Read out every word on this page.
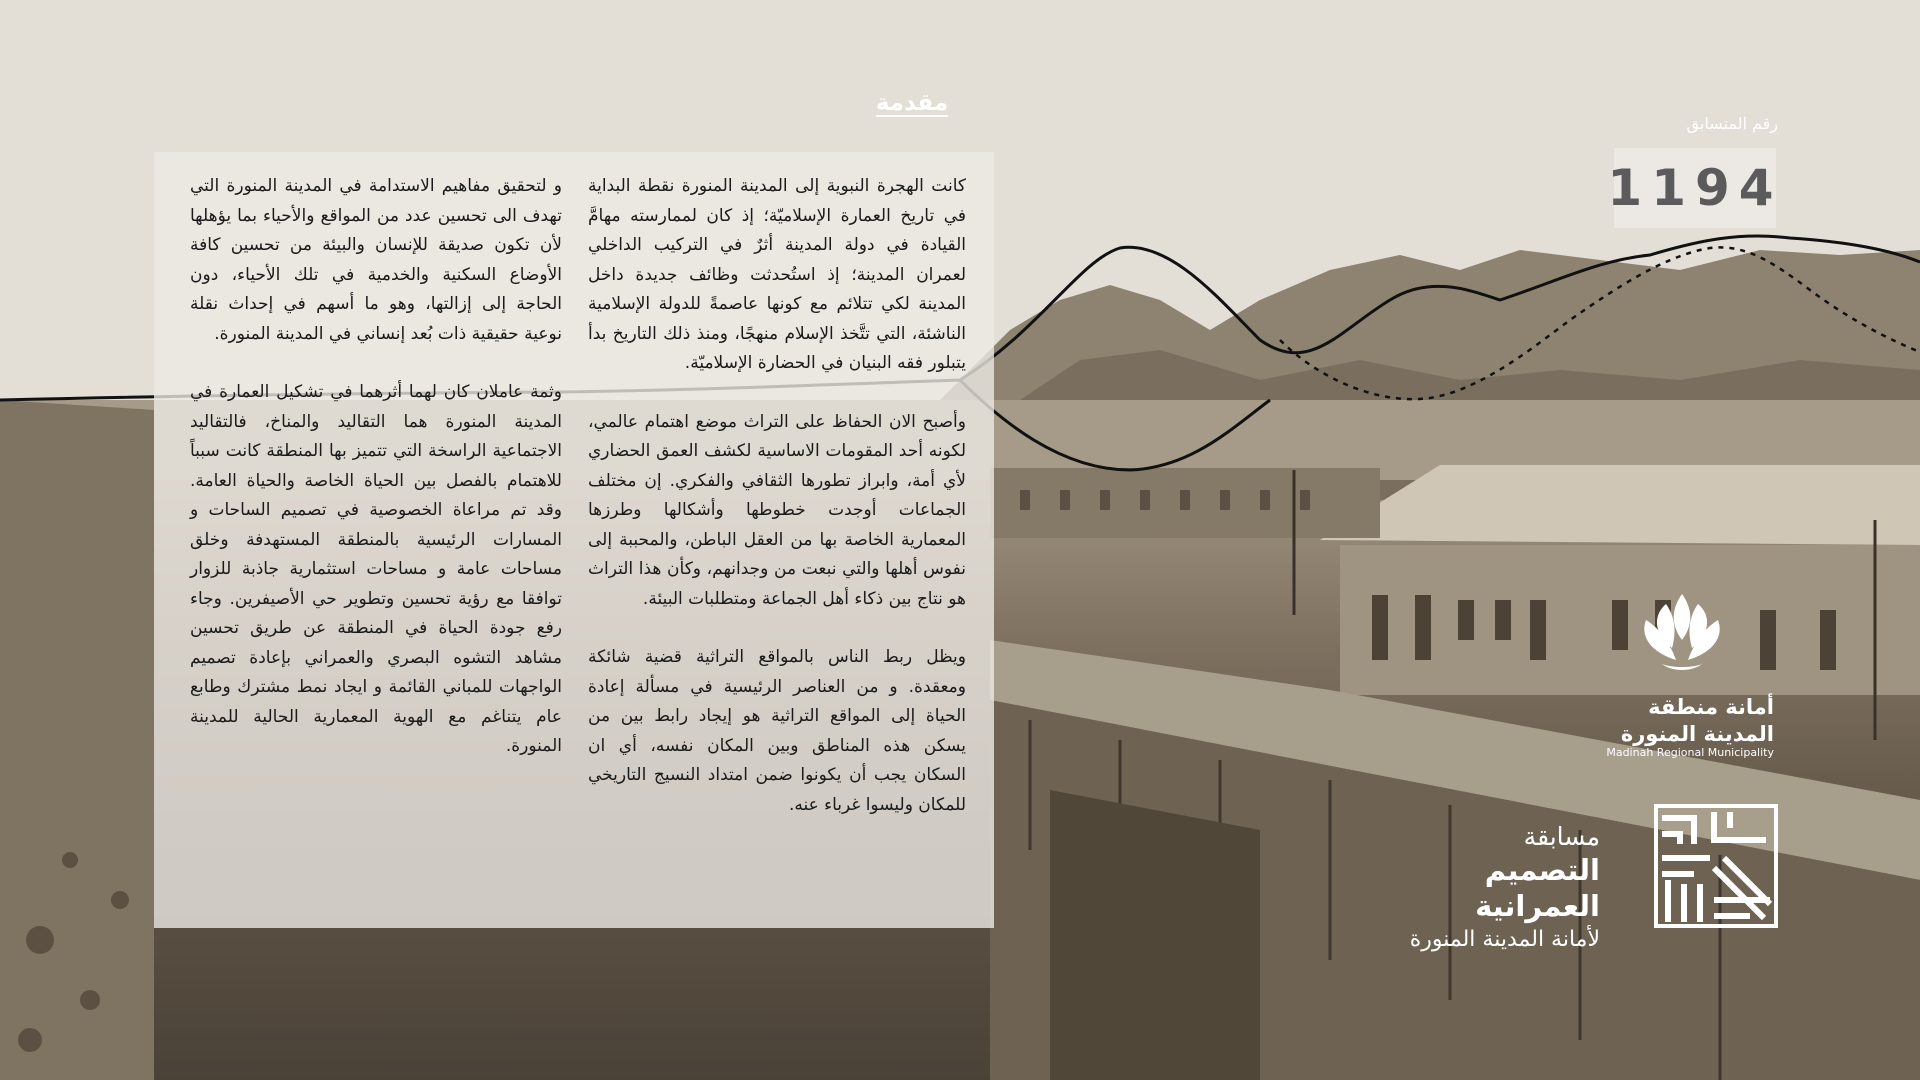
مقدمة

كانت الهجرة النبوية إلى المدينة المنورة نقطة البداية في تاريخ العمارة الإسلاميّة؛ إذ كان لممارسته مهامَّ القيادة في دولة المدينة أثرٌ في التركيب الداخلي لعمران المدينة؛ إذ استُحدثت وظائف جديدة داخل المدينة لكي تتلائم مع كونها عاصمةً للدولة الإسلامية الناشئة، التي تتَّخذ الإسلام منهجًا، ومنذ ذلك التاريخ بدأ يتبلور فقه البنيان في الحضارة الإسلاميّة.

وأصبح الان الحفاظ على التراث موضع اهتمام عالمي، لكونه أحد المقومات الاساسية لكشف العمق الحضاري لأي أمة، وابراز تطورها الثقافي والفكري. إن مختلف الجماعات أوجدت خطوطها وأشكالها وطرزها المعمارية الخاصة بها من العقل الباطن، والمحببة إلى نفوس أهلها والتي نبعت من وجدانهم، وكأن هذا التراث هو نتاج بين ذكاء أهل الجماعة ومتطلبات البيئة.

ويظل ربط الناس بالمواقع التراثية قضية شائكة ومعقدة. و من العناصر الرئيسية في مسألة إعادة الحياة إلى المواقع التراثية هو إيجاد رابط بين من يسكن هذه المناطق وبين المكان نفسه، أي ان السكان يجب أن يكونوا ضمن امتداد النسيج التاريخي للمكان وليسوا غرباء عنه.

و لتحقيق مفاهيم الاستدامة في المدينة المنورة التي تهدف الى تحسين عدد من المواقع والأحياء بما يؤهلها لأن تكون صديقة للإنسان والبيئة من تحسين كافة الأوضاع السكنية والخدمية في تلك الأحياء، دون الحاجة إلى إزالتها، وهو ما أسهم في إحداث نقلة نوعية حقيقية ذات بُعد إنساني في المدينة المنورة.

وثمة عاملان كان لهما أثرهما في تشكيل العمارة في المدينة المنورة هما التقاليد والمناخ، فالتقاليد الاجتماعية الراسخة التي تتميز بها المنطقة كانت سبباً للاهتمام بالفصل بين الحياة الخاصة والحياة العامة. وقد تم مراعاة الخصوصية في تصميم الساحات و المسارات الرئيسية بالمنطقة المستهدفة وخلق مساحات عامة و مساحات استثمارية جاذبة للزوار توافقا مع رؤية تحسين وتطوير حي الأصيفرين. وجاء رفع جودة الحياة في المنطقة عن طريق تحسين مشاهد التشوه البصري والعمراني بإعادة تصميم الواجهات للمباني القائمة و ايجاد نمط مشترك وطابع عام يتناغم مع الهوية المعمارية الحالية للمدينة المنورة.

رقم المتسابق
1194
أمانة منطقة
المدينة المنورة
Madinah Regional Municipality
مسابقة
التصميم العمرانية
لأمانة المدينة المنورة
